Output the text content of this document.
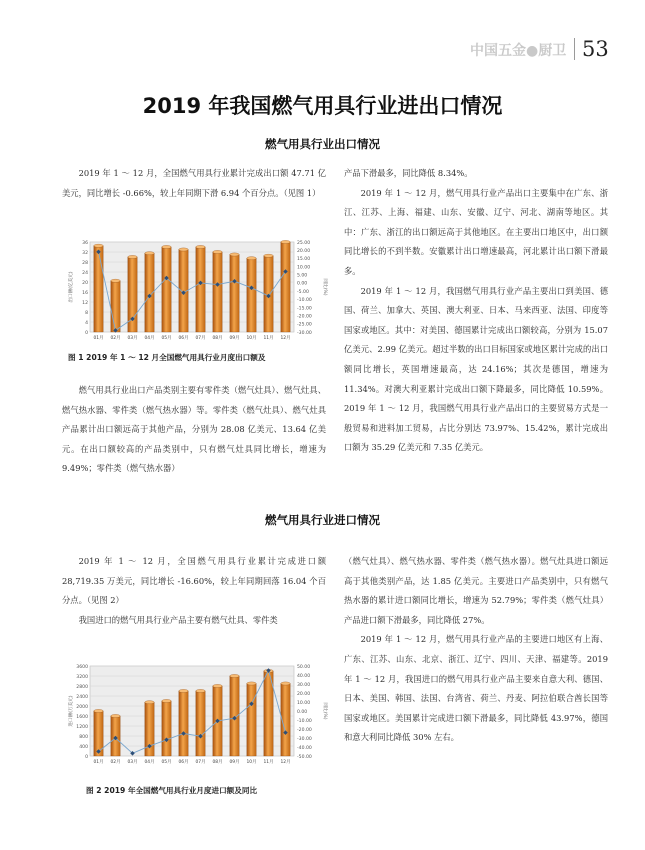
中国五金●厨卫 53
2019 年我国燃气用具行业进出口情况
燃气用具行业出口情况

2019 年 1 ～ 12 月，全国燃气用具行业累计完成出口额 47.71 亿美元，同比增长 -0.66%，较上年同期下滑 6.94 个百分点。（见图 1）

0
4
8
12
16
20
24
28
32
36
-30.00
-25.00
-20.00
-15.00
-10.00
-5.00
0.00
5.00
10.00
15.00
20.00
25.00
出口额(亿美元)	同比(%)
01月 02月 03月 04月 05月 06月 07月 08月 09月 10月 11月 12月
图 1 2019 年 1 ～ 12 月全国燃气用具行业月度出口额及

燃气用具行业出口产品类别主要有零件类（燃气灶具）、燃气灶具、燃气热水器、零件类（燃气热水器）等。零件类（燃气灶具）、燃气灶具产品累计出口额远高于其他产品，分别为 28.08 亿美元、13.64 亿美元。在出口额较高的产品类别中，只有燃气灶具同比增长，增速为 9.49%；零件类（燃气热水器）

产品下滑最多，同比降低 8.34%。

2019 年 1 ～ 12 月，燃气用具行业产品出口主要集中在广东、浙江、江苏、上海、福建、山东、安徽、辽宁、河北、湖南等地区。其中：广东、浙江的出口额远高于其他地区。在主要出口地区中，出口额同比增长的不到半数。安徽累计出口增速最高，河北累计出口额下滑最多。

2019 年 1 ～ 12 月，我国燃气用具行业产品主要出口到美国、德国、荷兰、加拿大、英国、澳大利亚、日本、马来西亚、法国、印度等国家或地区。其中：对美国、德国累计完成出口额较高，分别为 15.07 亿美元、2.99 亿美元。超过半数的出口目标国家或地区累计完成的出口额同比增长，英国增速最高，达 24.16%；其次是德国，增速为 11.34%。对澳大利亚累计完成出口额下降最多，同比降低 10.59%。2019 年 1 ～ 12 月，我国燃气用具行业产品出口的主要贸易方式是一般贸易和进料加工贸易，占比分别达 73.97%、15.42%，累计完成出口额为 35.29 亿美元和 7.35 亿美元。

燃气用具行业进口情况

2019 年 1 ～ 12 月，全国燃气用具行业累计完成进口额 28,719.35 万美元，同比增长 -16.60%，较上年同期回落 16.04 个百分点。（见图 2）

我国进口的燃气用具行业产品主要有燃气灶具、零件类

0
400
800
1200
1600
2000
2400
2800
3200
3600
-50.00
-40.00
-30.00
-20.00
-10.00
0.00
10.00
20.00
30.00
40.00
50.00
进口额(万美元)	同比(%)
01月 02月 03月 04月 05月 06月 07月 08月 09月 10月 11月 12月
图 2 2019 年全国燃气用具行业月度进口额及同比

（燃气灶具）、燃气热水器、零件类（燃气热水器）。燃气灶具进口额远高于其他类别产品，达 1.85 亿美元。主要进口产品类别中，只有燃气热水器的累计进口额同比增长，增速为 52.79%；零件类（燃气灶具）产品进口额下滑最多，同比降低 27%。

2019 年 1 ～ 12 月，燃气用具行业产品的主要进口地区有上海、广东、江苏、山东、北京、浙江、辽宁、四川、天津、福建等。2019 年 1 ～ 12 月，我国进口的燃气用具行业产品主要来自意大利、德国、日本、美国、韩国、法国、台湾省、荷兰、丹麦、阿拉伯联合酋长国等国家或地区。美国累计完成进口额下滑最多，同比降低 43.97%，德国和意大利同比降低 30% 左右。
